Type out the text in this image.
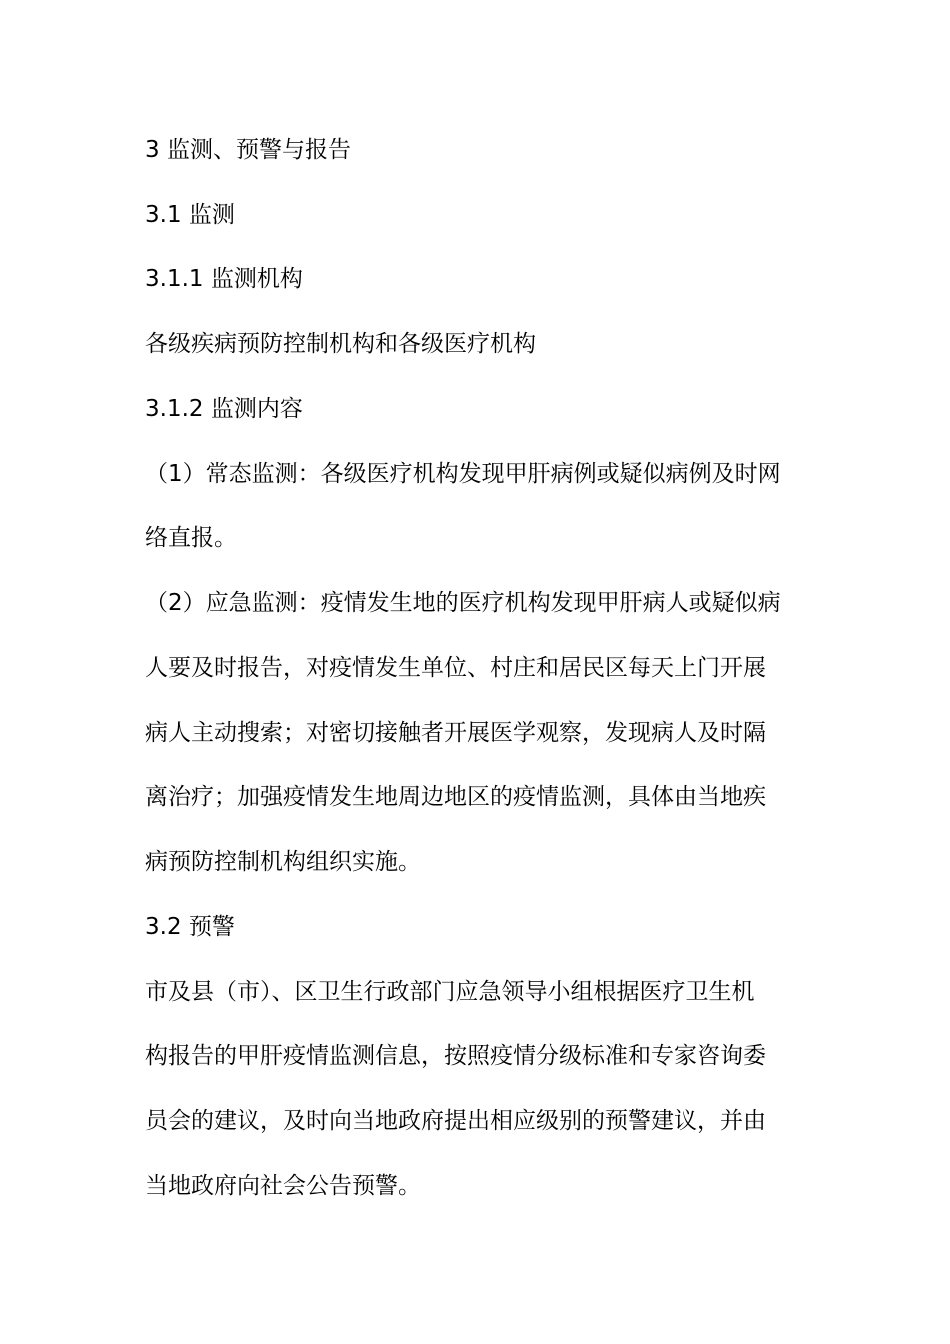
3 监测、预警与报告
3.1 监测
3.1.1 监测机构
各级疾病预防控制机构和各级医疗机构
3.1.2 监测内容
（1）常态监测：各级医疗机构发现甲肝病例或疑似病例及时网
络直报。
（2）应急监测：疫情发生地的医疗机构发现甲肝病人或疑似病
人要及时报告，对疫情发生单位、村庄和居民区每天上门开展
病人主动搜索；对密切接触者开展医学观察，发现病人及时隔
离治疗；加强疫情发生地周边地区的疫情监测，具体由当地疾
病预防控制机构组织实施。
3.2 预警
市及县（市）、区卫生行政部门应急领导小组根据医疗卫生机
构报告的甲肝疫情监测信息，按照疫情分级标准和专家咨询委
员会的建议，及时向当地政府提出相应级别的预警建议，并由
当地政府向社会公告预警。
